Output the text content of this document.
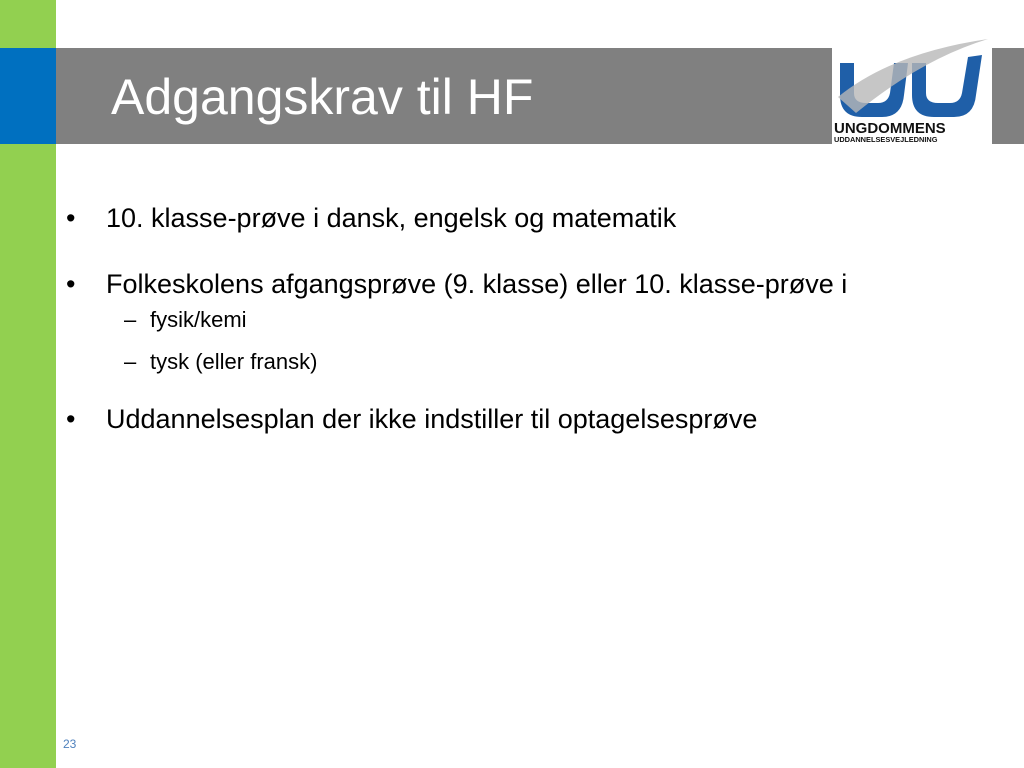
Adgangskrav til HF
UNGDOMMENS
UDDANNELSESVEJLEDNING
•	10. klasse-prøve i dansk, engelsk og matematik
•	Folkeskolens afgangsprøve (9. klasse) eller 10. klasse-prøve i
– fysik/kemi
– tysk (eller fransk)
•	Uddannelsesplan der ikke indstiller til optagelsesprøve
23
